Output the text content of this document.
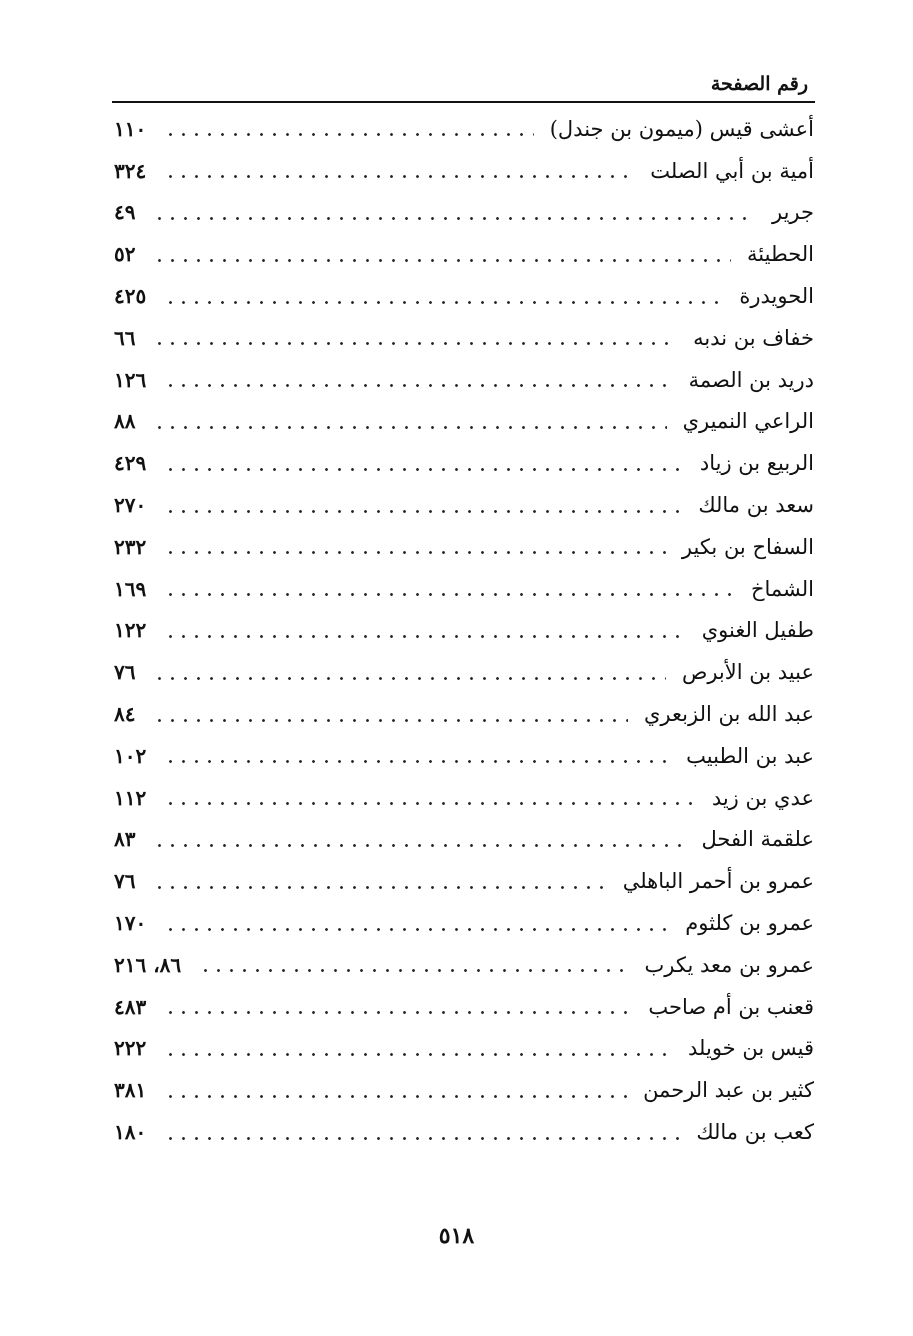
رقم الصفحة
أعشى قيس (ميمون بن جندل)
١١٠
أمية بن أبي الصلت
٣٢٤
جرير
٤٩
الحطيئة
٥٢
الحويدرة
٤٢٥
خفاف بن ندبه
٦٦
دريد بن الصمة
١٢٦
الراعي النميري
٨٨
الربيع بن زياد
٤٢٩
سعد بن مالك
٢٧٠
السفاح بن بكير
٢٣٢
الشماخ
١٦٩
طفيل الغنوي
١٢٢
عبيد بن الأبرص
٧٦
عبد الله بن الزبعري
٨٤
عبد بن الطبيب
١٠٢
عدي بن زيد
١١٢
علقمة الفحل
٨٣
عمرو بن أحمر الباهلي
٧٦
عمرو بن كلثوم
١٧٠
عمرو بن معد يكرب
٨٦، ٢١٦
قعنب بن أم صاحب
٤٨٣
قيس بن خويلد
٢٢٢
كثير بن عبد الرحمن
٣٨١
كعب بن مالك
١٨٠
٥١٨
